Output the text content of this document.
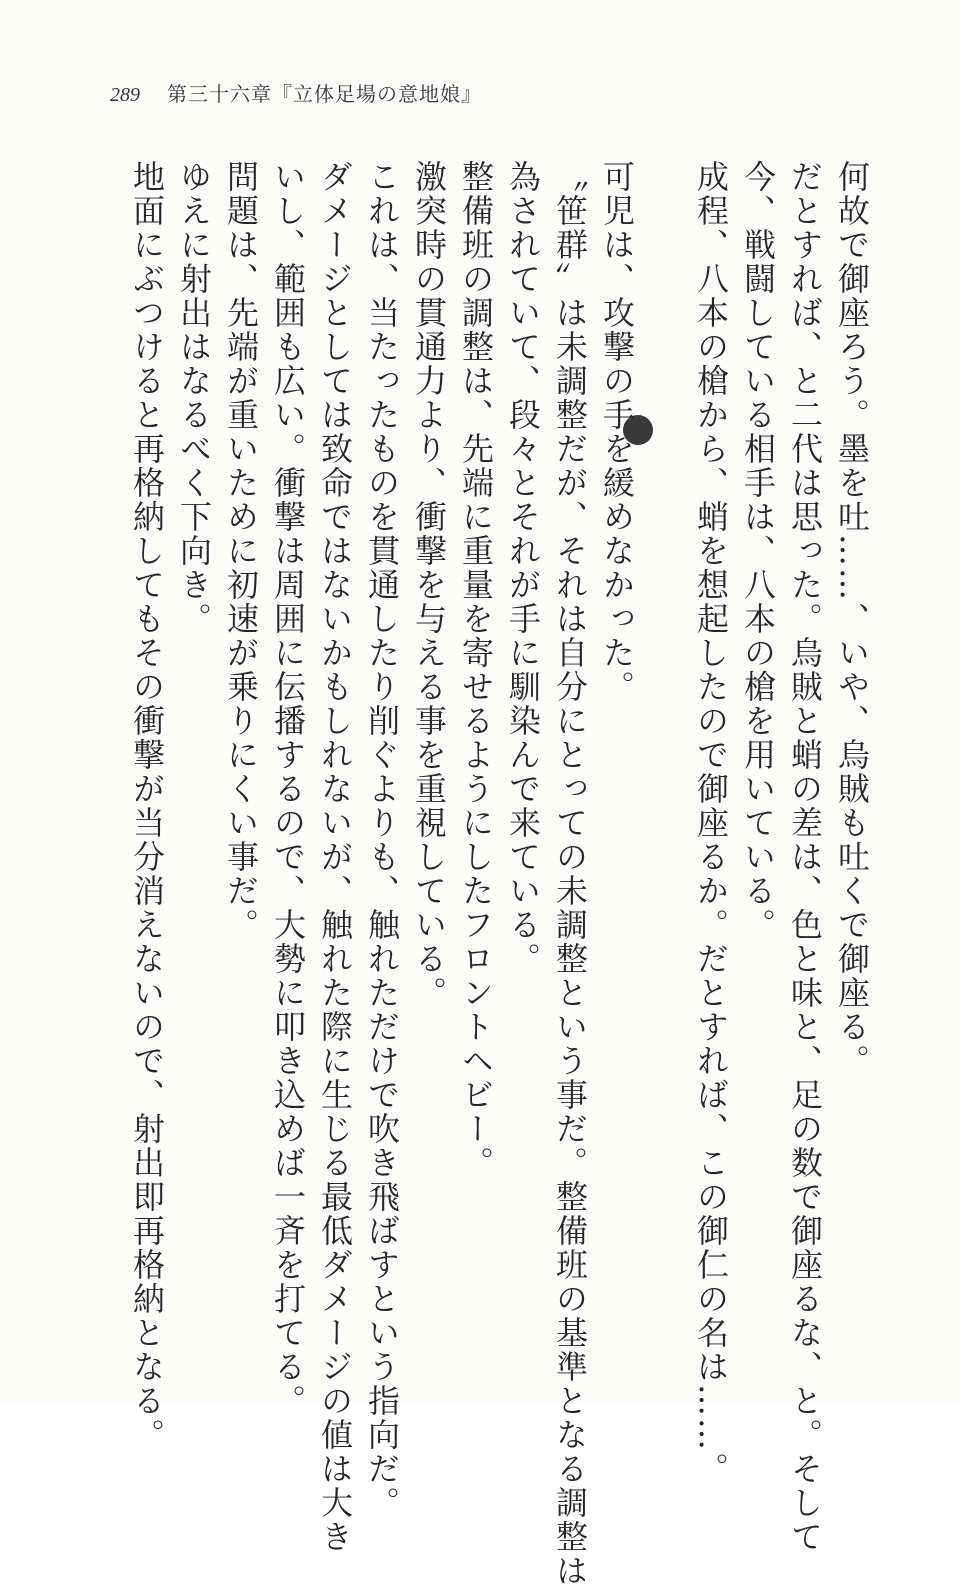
289 第三十六章『立体足場の意地娘』
何故で御座ろう。墨を吐……、いや、烏賊も吐くで御座る。
だとすれば、と二代は思った。烏賊と蛸の差は、色と味と、足の数で御座るな、と。そして
今、戦闘している相手は、八本の槍を用いている。
成程、八本の槍から、蛸を想起したので御座るか。だとすれば、この御仁の名は……。
可児は、攻撃の手を緩めなかった。
〝笹群〟は未調整だが、それは自分にとっての未調整という事だ。整備班の基準となる調整は
為されていて、段々とそれが手に馴染んで来ている。
整備班の調整は、先端に重量を寄せるようにしたフロントヘビー。
激突時の貫通力より、衝撃を与える事を重視している。
これは、当たったものを貫通したり削ぐよりも、触れただけで吹き飛ばすという指向だ。
ダメージとしては致命ではないかもしれないが、触れた際に生じる最低ダメージの値は大き
いし、範囲も広い。衝撃は周囲に伝播するので、大勢に叩き込めば一斉を打てる。
問題は、先端が重いために初速が乗りにくい事だ。
ゆえに射出はなるべく下向き。
地面にぶつけると再格納してもその衝撃が当分消えないので、射出即再格納となる。
